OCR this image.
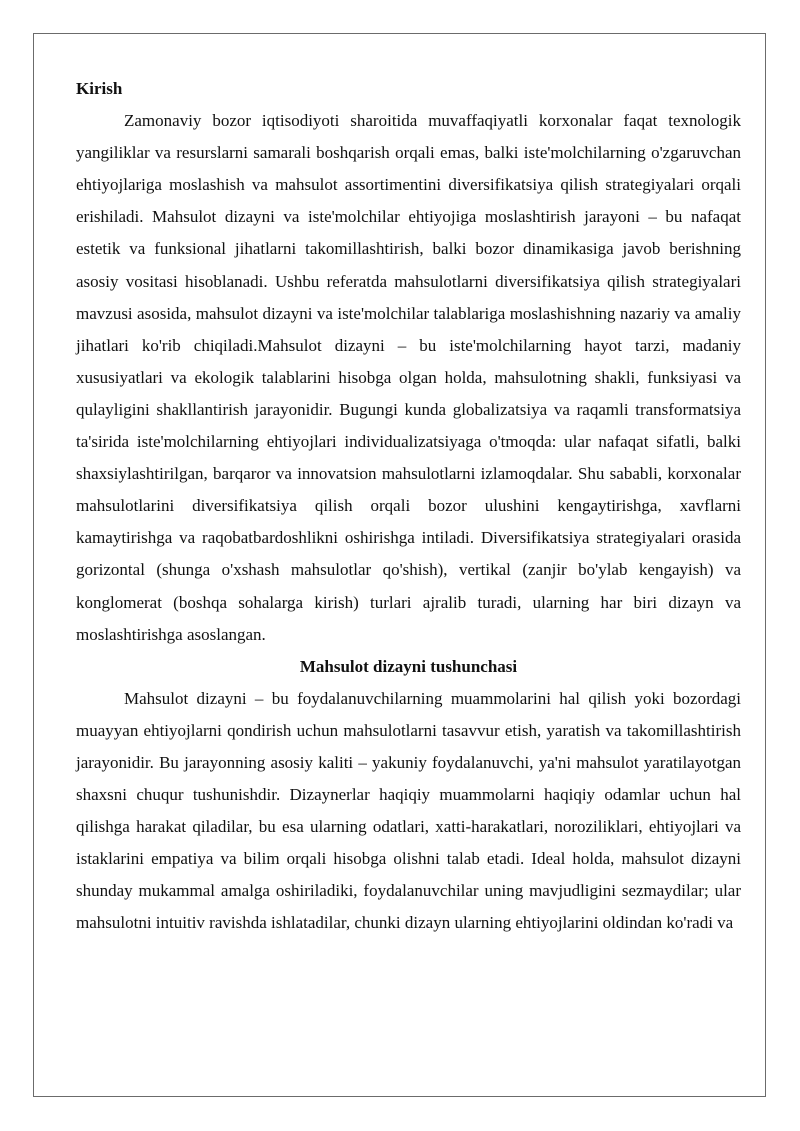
Kirish

Zamonaviy bozor iqtisodiyoti sharoitida muvaffaqiyatli korxonalar faqat texnologik yangiliklar va resurslarni samarali boshqarish orqali emas, balki iste'molchilarning o'zgaruvchan ehtiyojlariga moslashish va mahsulot assortimentini diversifikatsiya qilish strategiyalari orqali erishiladi. Mahsulot dizayni va iste'molchilar ehtiyojiga moslashtirish jarayoni – bu nafaqat estetik va funksional jihatlarni takomillashtirish, balki bozor dinamikasiga javob berishning asosiy vositasi hisoblanadi. Ushbu referatda mahsulotlarni diversifikatsiya qilish strategiyalari mavzusi asosida, mahsulot dizayni va iste'molchilar talablariga moslashishning nazariy va amaliy jihatlari ko'rib chiqiladi.Mahsulot dizayni – bu iste'molchilarning hayot tarzi, madaniy xususiyatlari va ekologik talablarini hisobga olgan holda, mahsulotning shakli, funksiyasi va qulayligini shakllantirish jarayonidir. Bugungi kunda globalizatsiya va raqamli transformatsiya ta'sirida iste'molchilarning ehtiyojlari individualizatsiyaga o'tmoqda: ular nafaqat sifatli, balki shaxsiylashtirilgan, barqaror va innovatsion mahsulotlarni izlamoqdalar. Shu sababli, korxonalar mahsulotlarini diversifikatsiya qilish orqali bozor ulushini kengaytirishga, xavflarni kamaytirishga va raqobatbardoshlikni oshirishga intiladi. Diversifikatsiya strategiyalari orasida gorizontal (shunga o'xshash mahsulotlar qo'shish), vertikal (zanjir bo'ylab kengayish) va konglomerat (boshqa sohalarga kirish) turlari ajralib turadi, ularning har biri dizayn va moslashtirishga asoslangan.

Mahsulot dizayni tushunchasi

Mahsulot dizayni – bu foydalanuvchilarning muammolarini hal qilish yoki bozordagi muayyan ehtiyojlarni qondirish uchun mahsulotlarni tasavvur etish, yaratish va takomillashtirish jarayonidir. Bu jarayonning asosiy kaliti – yakuniy foydalanuvchi, ya'ni mahsulot yaratilayotgan shaxsni chuqur tushunishdir. Dizaynerlar haqiqiy muammolarni haqiqiy odamlar uchun hal qilishga harakat qiladilar, bu esa ularning odatlari, xatti-harakatlari, noroziliklari, ehtiyojlari va istaklarini empatiya va bilim orqali hisobga olishni talab etadi. Ideal holda, mahsulot dizayni shunday mukammal amalga oshiriladiki, foydalanuvchilar uning mavjudligini sezmaydilar; ular mahsulotni intuitiv ravishda ishlatadilar, chunki dizayn ularning ehtiyojlarini oldindan ko'radi va
